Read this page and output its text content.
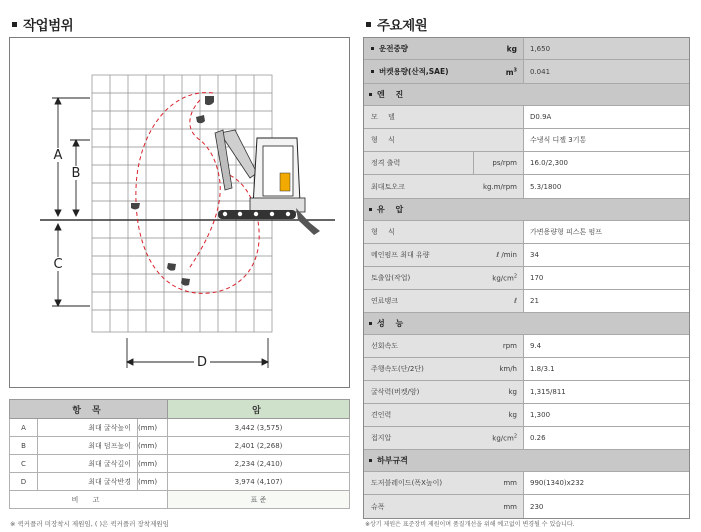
작업범위
A
B
C
D
항 목			암
A	최대 굴삭높이	(mm)	3,442 (3,575)
B	최대 덤프높이	(mm)	2,401 (2,268)
C	최대 굴삭깊이	(mm)	2,234 (2,410)
D	최대 굴삭반경	(mm)	3,974 (4,107)
비 고			표 준
※ 퀵커플러 미장착시 제원임, ( )은 퀵커플러 장착제원임
주요제원
운전중량	kg	1,650
버켓용량(산적,SAE)	$m^3$	0.041
엔 진
모 델	D0.9A
형 식	수냉식 디젤 3기통
정격 출력	ps/rpm	16.0/2,300
최대토오크	kg.m/rpm	5.3/1800
유 압
형 식	가변용량형 피스톤 펌프
메인펌프 최대 유량	ℓ /min	34
토출압(작업)	$kg/cm^2$	170
연료탱크	ℓ	21
성 능
선회속도	rpm	9.4
주행속도(단/2단)	km/h	1.8/3.1
굴삭력(버켓/암)	kg	1,315/811
견인력	kg	1,300
접지압	$kg/cm^2$	0.26
하부규격
도저블레이드(폭X높이)	mm	990(1340)x232
슈폭	mm	230
※상기 제원은 표준장비 제원이며 품질개선을 위해 예고없이 변경될 수 있습니다.
